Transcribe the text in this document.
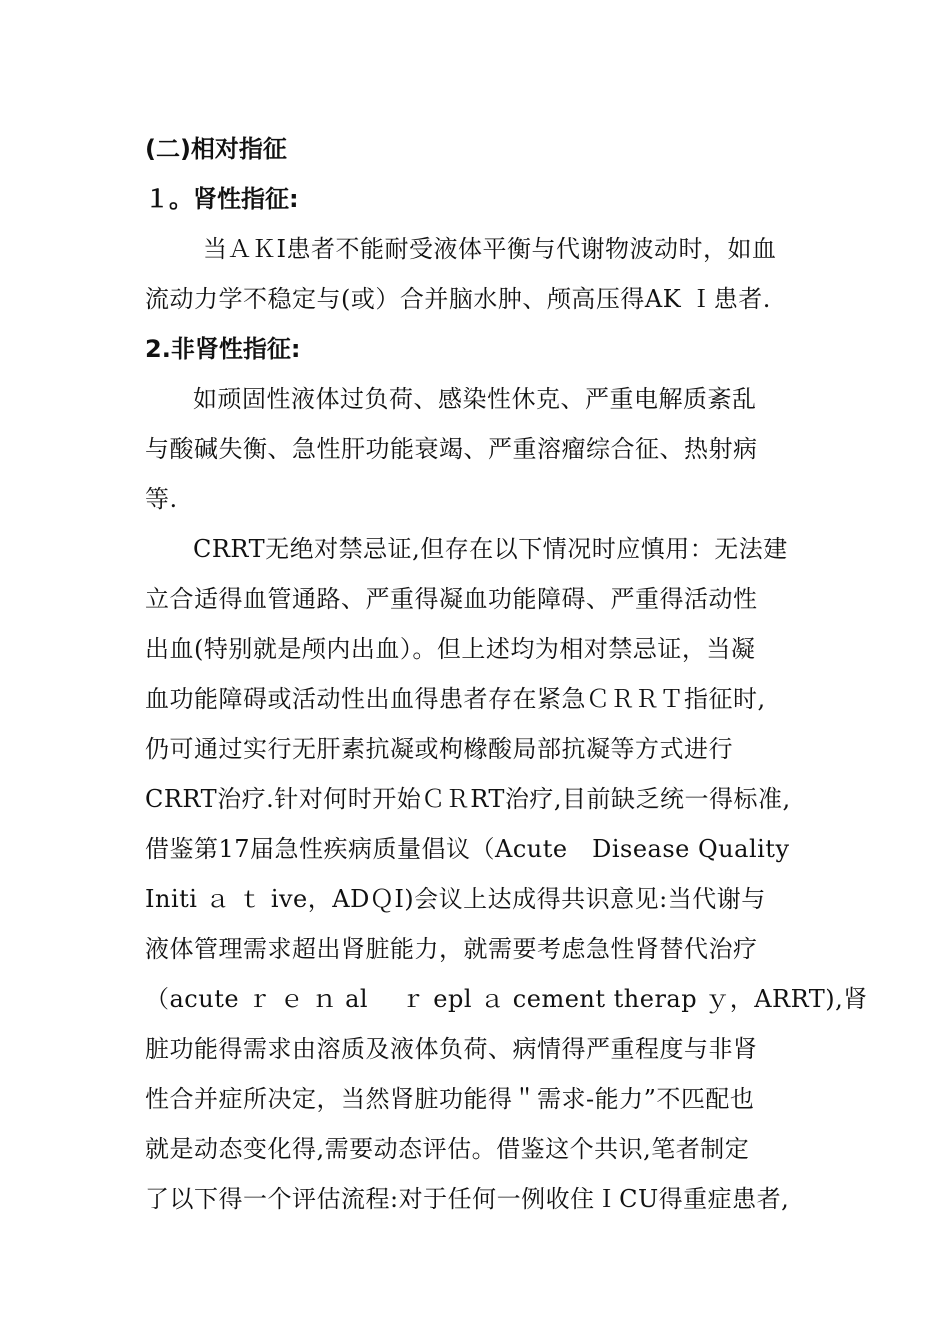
(二)相对指征
１。肾性指征:
当ＡＫI患者不能耐受液体平衡与代谢物波动时，如血
流动力学不稳定与(或）合并脑水肿、颅高压得AK Ｉ患者.
2.非肾性指征:
如顽固性液体过负荷、感染性休克、严重电解质紊乱
与酸碱失衡、急性肝功能衰竭、严重溶瘤综合征、热射病
等.
CRRT无绝对禁忌证,但存在以下情况时应慎用：无法建
立合适得血管通路、严重得凝血功能障碍、严重得活动性
出血(特别就是颅内出血）。但上述均为相对禁忌证，当凝
血功能障碍或活动性出血得患者存在紧急ＣＲＲＴ指征时,
仍可通过实行无肝素抗凝或枸橼酸局部抗凝等方式进行
CRRT治疗.针对何时开始ＣＲRT治疗,目前缺乏统一得标准,
借鉴第17届急性疾病质量倡议（Acute　Disease Quality
Initi ａ ｔ ive，ADＱI)会议上达成得共识意见:当代谢与
液体管理需求超出肾脏能力，就需要考虑急性肾替代治疗
（acute ｒ ｅ ｎ al　 ｒ epl ａ cement therap ｙ，ARRT),肾
脏功能得需求由溶质及液体负荷、病情得严重程度与非肾
性合并症所决定，当然肾脏功能得＂需求-能力”不匹配也
就是动态变化得,需要动态评估。借鉴这个共识,笔者制定
了以下得一个评估流程:对于任何一例收住ＩCU得重症患者,
